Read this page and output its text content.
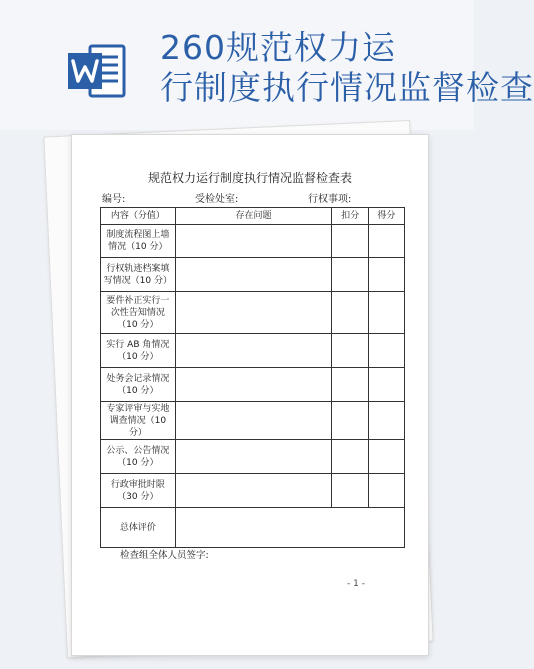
260规范权力运
行制度执行情况监督检查
规范权力运行制度执行情况监督检查表
编号:	受检处室:	行权事项:
内容（分值）	存在问题	扣分	得分
制度流程图上墙情况（10 分）			
行权轨迹档案填写情况（10 分）			
要件补正实行一次性告知情况（10 分）			
实行 AB 角情况（10 分）			
处务会记录情况（10 分）			
专家评审与实地调查情况（10 分）			
公示、公告情况（10 分）			
行政审批时限（30 分）			
总体评价			
检查组全体人员签字:
- 1 -
